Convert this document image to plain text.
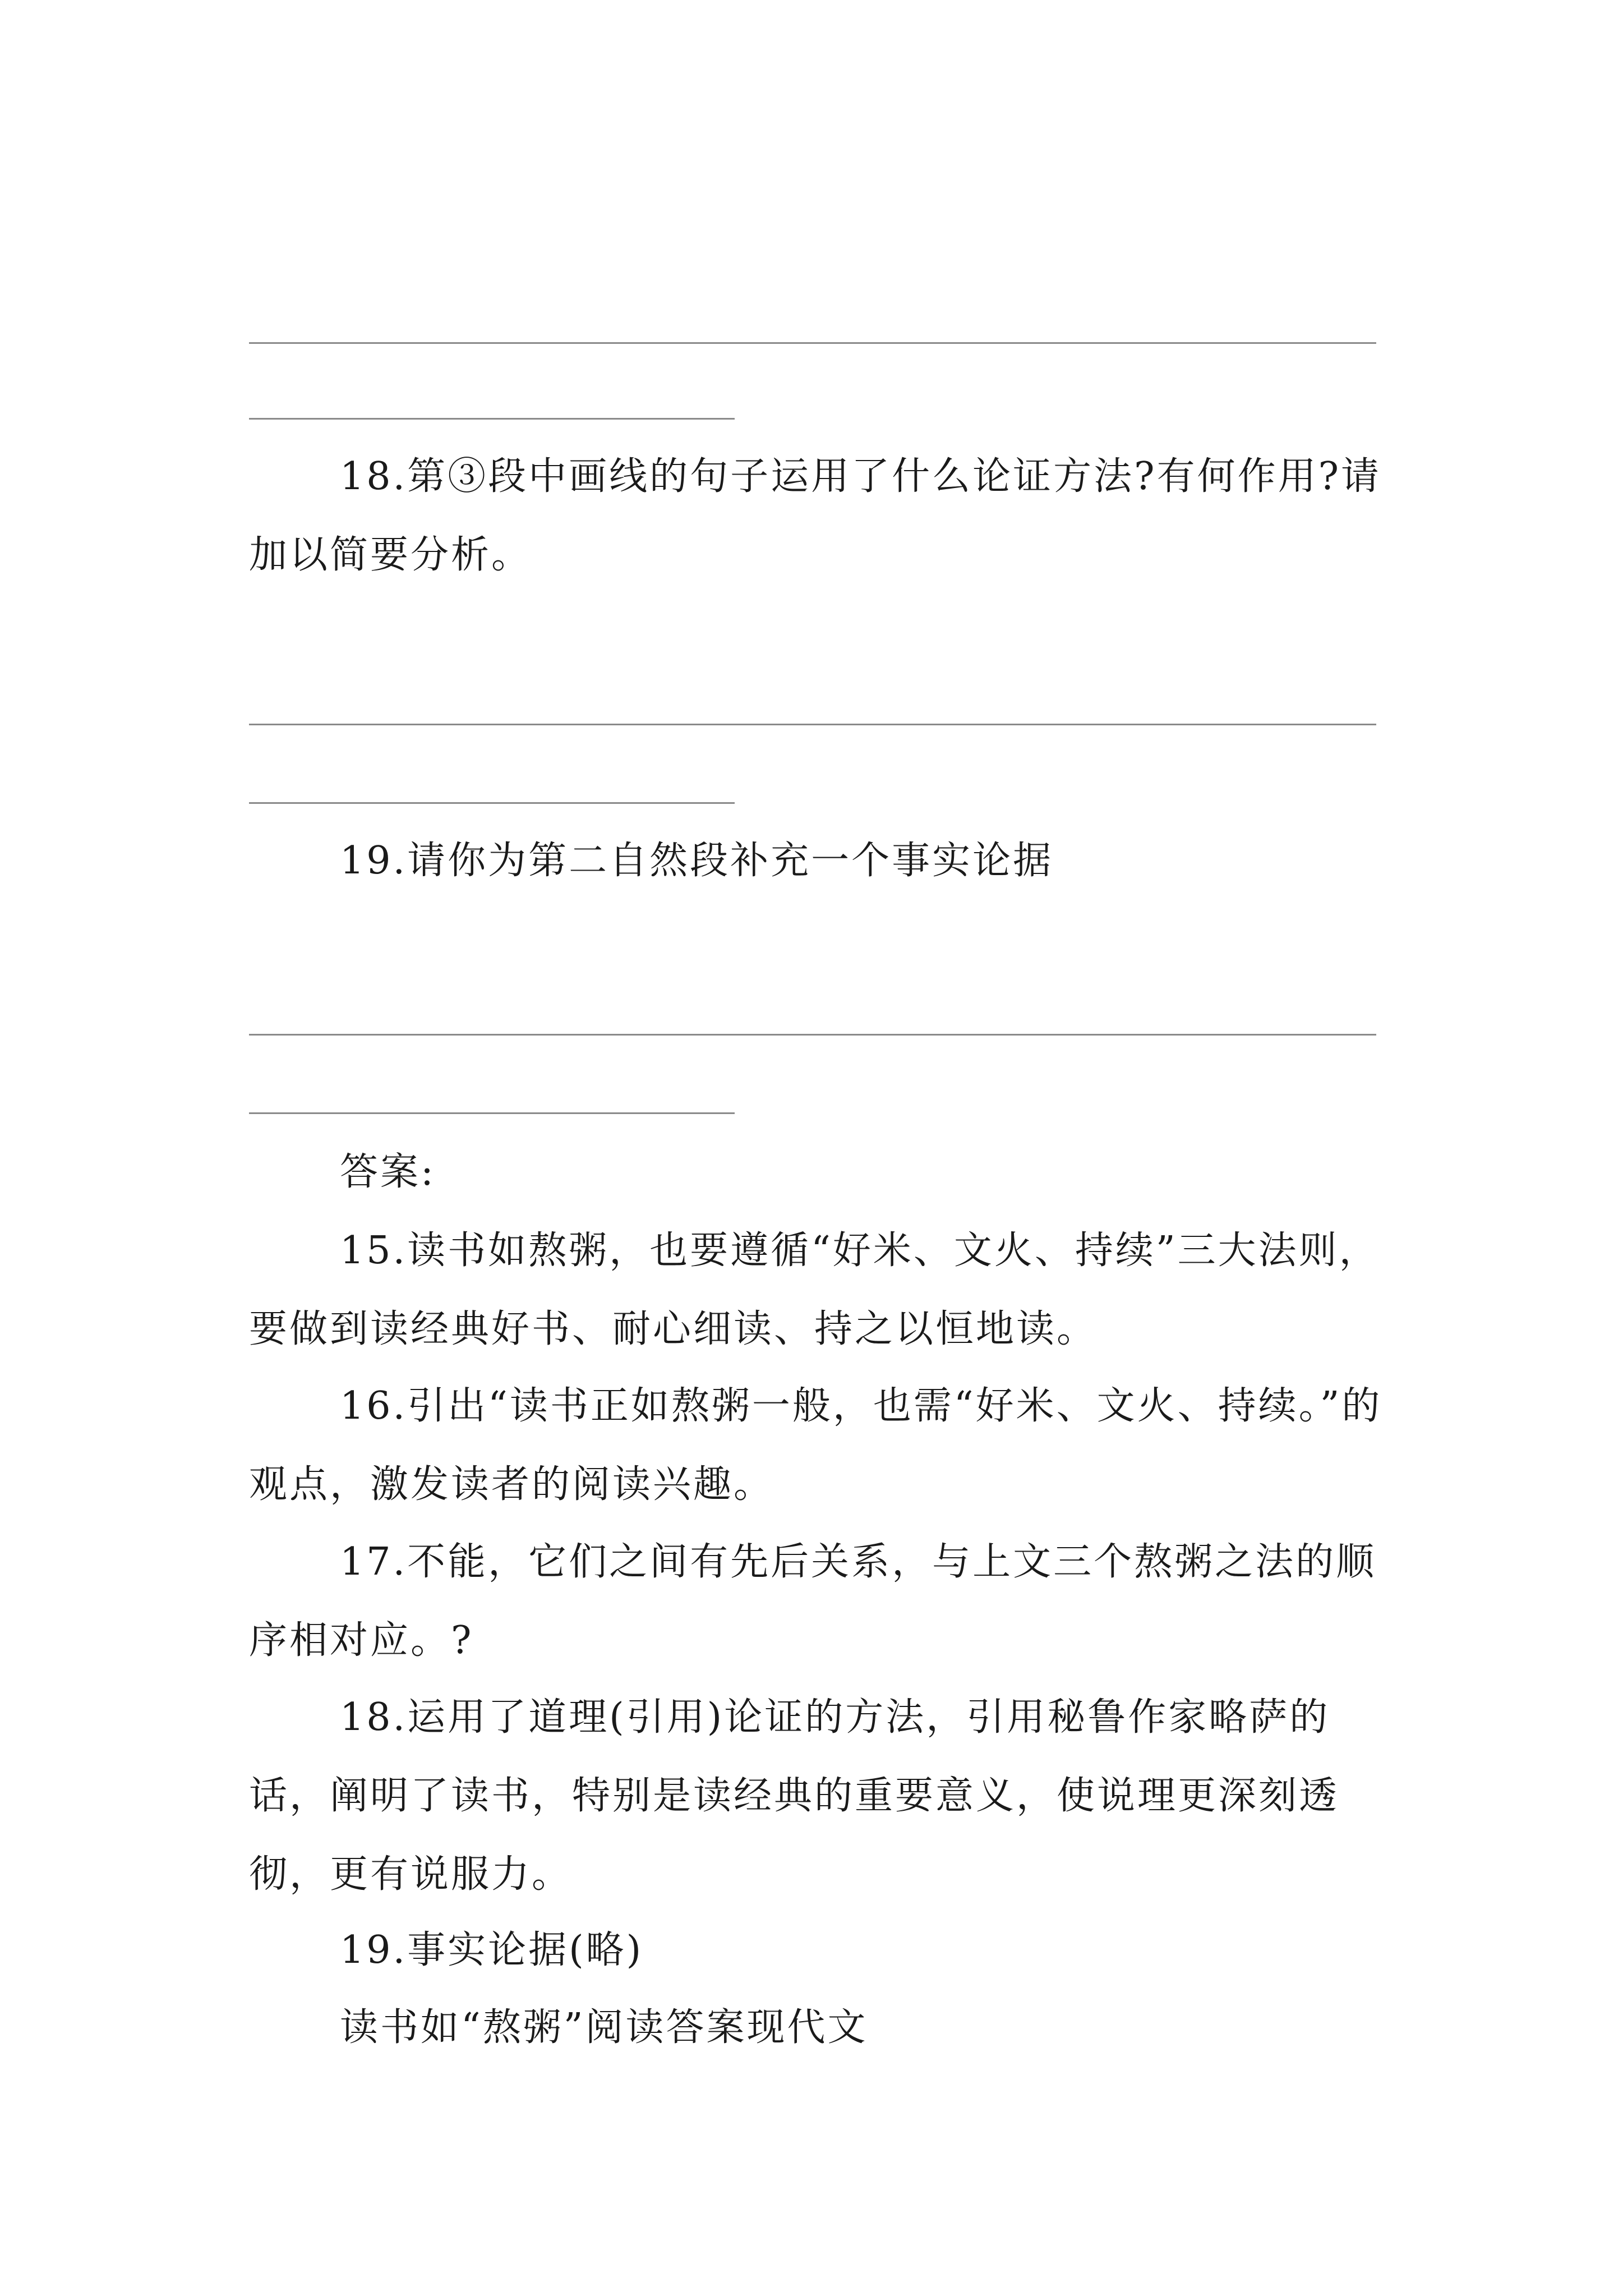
18.第③段中画线的句子运用了什么论证方法?有何作用?请加以简要分析。

19.请你为第二自然段补充一个事实论据

答案:

15.读书如熬粥，也要遵循“好米、文火、持续”三大法则，要做到读经典好书、耐心细读、持之以恒地读。

16.引出“读书正如熬粥一般，也需“好米、文火、持续。”的观点，激发读者的阅读兴趣。

17.不能，它们之间有先后关系，与上文三个熬粥之法的顺序相对应。?

18.运用了道理(引用)论证的方法，引用秘鲁作家略萨的话，阐明了读书，特别是读经典的重要意义，使说理更深刻透彻，更有说服力。

19.事实论据(略)

读书如“熬粥”阅读答案现代文
